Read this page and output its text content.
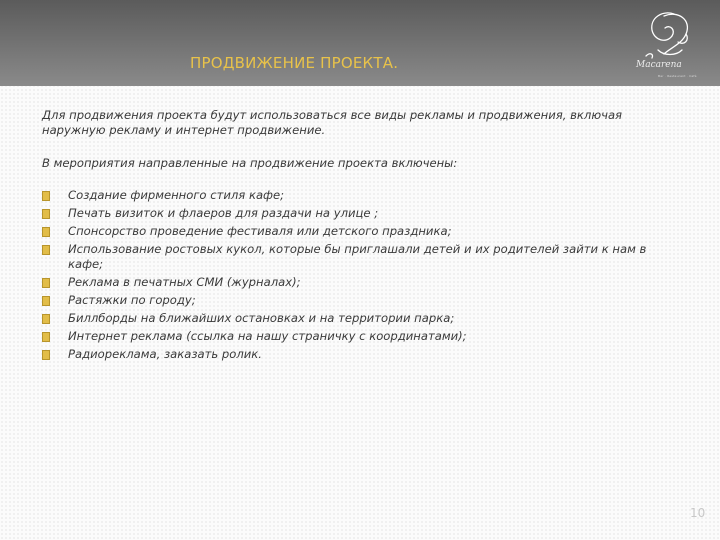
ПРОДВИЖЕНИЕ ПРОЕКТА.	Macarena
Bar · Restaurant · Café

Для продвижения проекта будут использоваться все виды рекламы и продвижения, включая наружную рекламу и интернет продвижение.

В мероприятия направленные на продвижение проекта включены:

Создание фирменного стиля кафе;
Печать визиток и флаеров для раздачи на улице ;
Спонсорство проведение фестиваля или детского праздника;
Использование ростовых кукол, которые бы приглашали детей и их родителей зайти к нам в кафе;
Реклама в печатных СМИ (журналах);
Растяжки по городу;
Биллборды на ближайших остановках и на территории парка;
Интернет реклама (ссылка на нашу страничку с координатами);
Радиореклама, заказать ролик.
10
